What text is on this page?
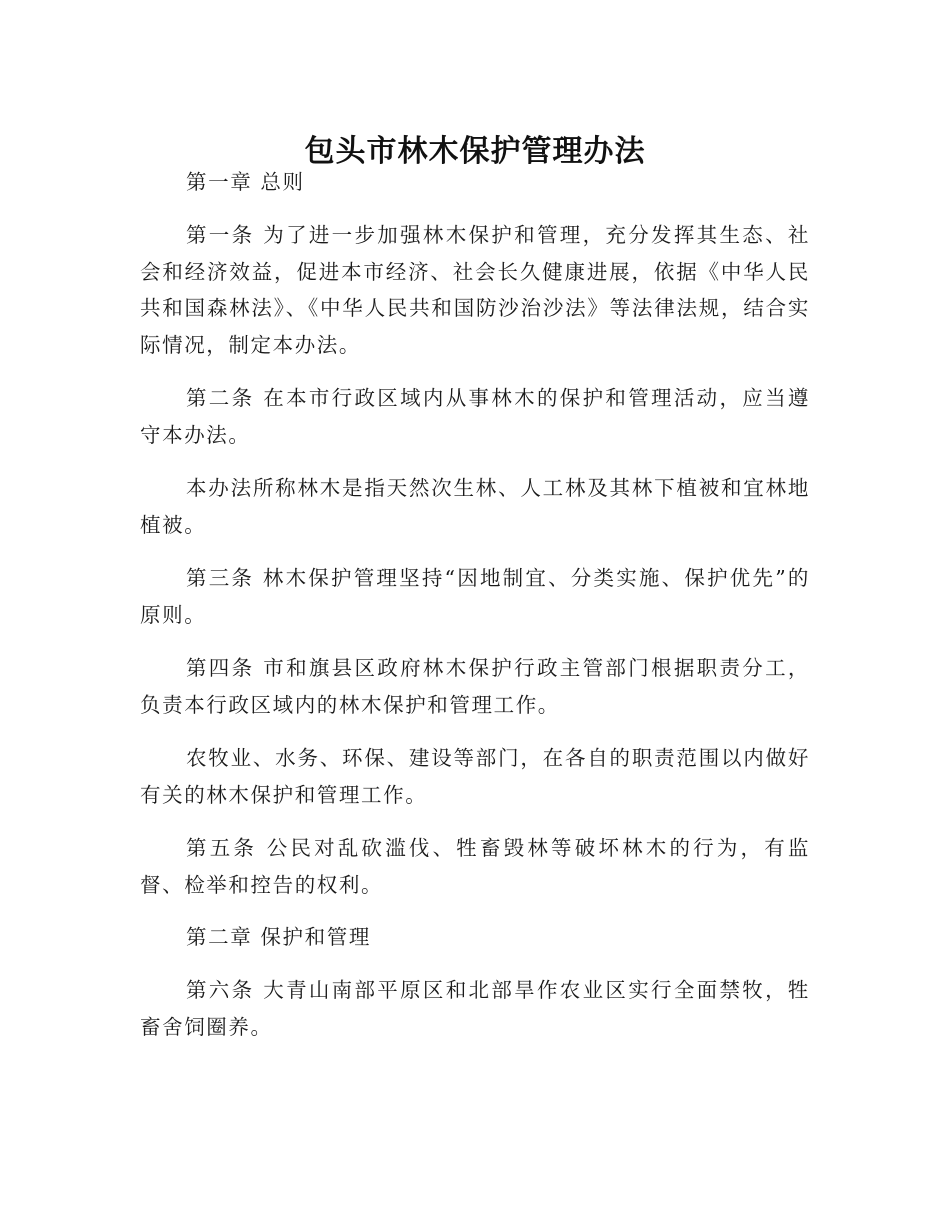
包头市林木保护管理办法

第一章 总则

第一条 为了进一步加强林木保护和管理，充分发挥其生态、社会和经济效益，促进本市经济、社会长久健康进展，依据《中华人民共和国森林法》、《中华人民共和国防沙治沙法》等法律法规，结合实际情况，制定本办法。

第二条 在本市行政区域内从事林木的保护和管理活动，应当遵守本办法。

本办法所称林木是指天然次生林、人工林及其林下植被和宜林地植被。

第三条 林木保护管理坚持“因地制宜、分类实施、保护优先”的原则。

第四条 市和旗县区政府林木保护行政主管部门根据职责分工，负责本行政区域内的林木保护和管理工作。

农牧业、水务、环保、建设等部门，在各自的职责范围以内做好有关的林木保护和管理工作。

第五条 公民对乱砍滥伐、牲畜毁林等破坏林木的行为，有监督、检举和控告的权利。

第二章 保护和管理

第六条 大青山南部平原区和北部旱作农业区实行全面禁牧，牲畜舍饲圈养。
